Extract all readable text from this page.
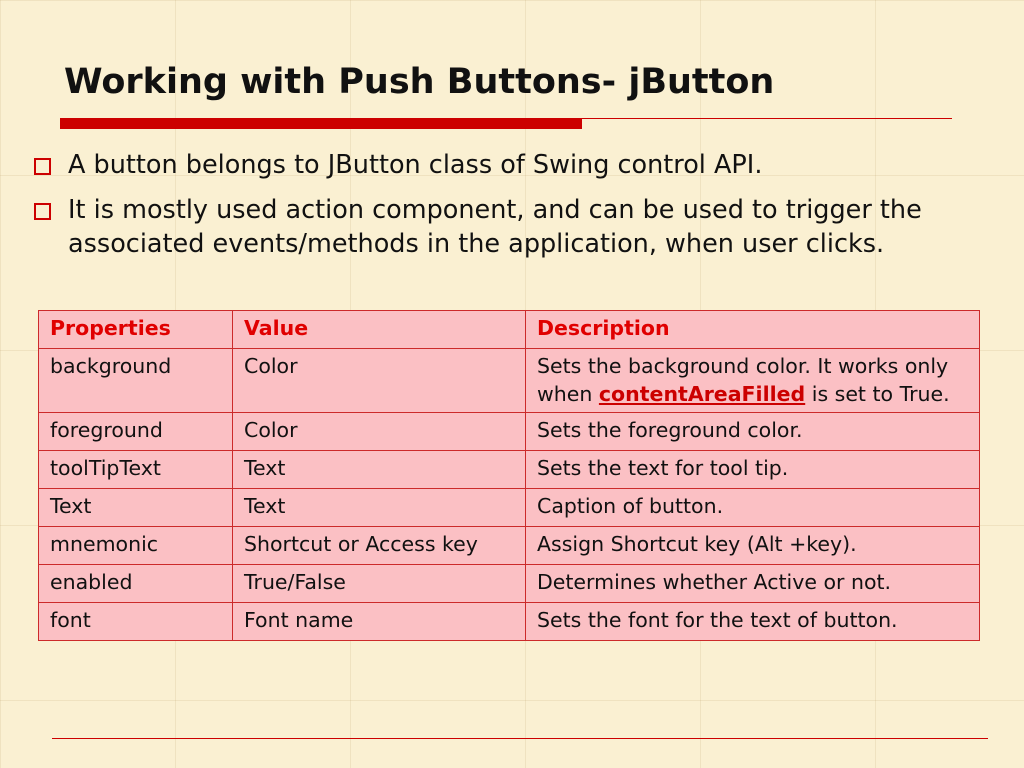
Working with Push Buttons- jButton
A button belongs to JButton class of Swing control API.
It is mostly used action component, and can be used to trigger the associated events/methods in the application, when user clicks.
Properties	Value	Description
background	Color	Sets the background color. It works only when contentAreaFilled is set to True.
foreground	Color	Sets the foreground color.
toolTipText	Text	Sets the text for tool tip.
Text	Text	Caption of button.
mnemonic	Shortcut or Access key	Assign Shortcut key (Alt +key).
enabled	True/False	Determines whether Active or not.
font	Font name	Sets the font for the text of button.
